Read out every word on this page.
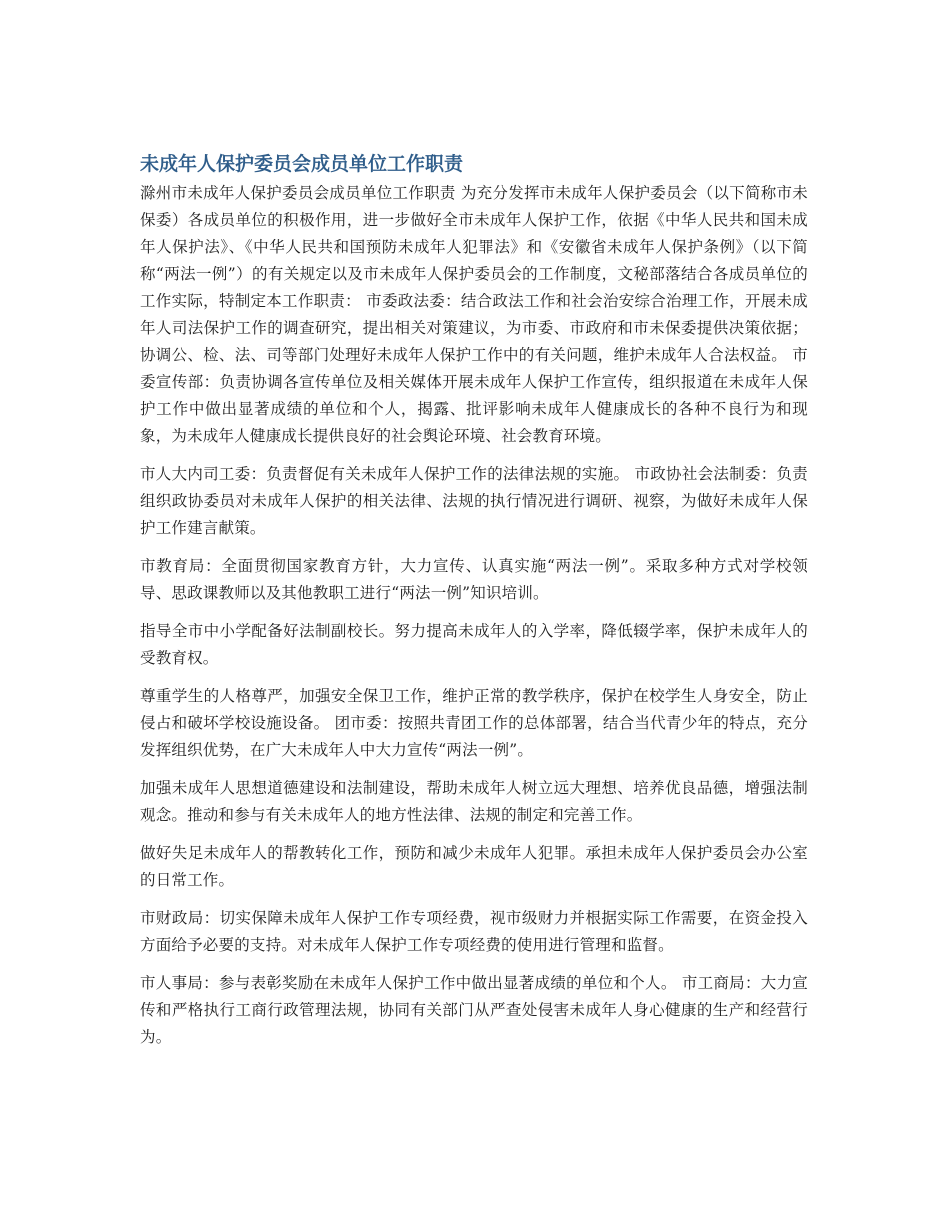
未成年人保护委员会成员单位工作职责

滁州市未成年人保护委员会成员单位工作职责 为充分发挥市未成年人保护委员会（以下简称市未保委）各成员单位的积极作用，进一步做好全市未成年人保护工作，依据《中华人民共和国未成年人保护法》、《中华人民共和国预防未成年人犯罪法》和《安徽省未成年人保护条例》（以下简称“两法一例”）的有关规定以及市未成年人保护委员会的工作制度，文秘部落结合各成员单位的工作实际，特制定本工作职责： 市委政法委：结合政法工作和社会治安综合治理工作，开展未成年人司法保护工作的调查研究，提出相关对策建议，为市委、市政府和市未保委提供决策依据；协调公、检、法、司等部门处理好未成年人保护工作中的有关问题，维护未成年人合法权益。 市委宣传部：负责协调各宣传单位及相关媒体开展未成年人保护工作宣传，组织报道在未成年人保护工作中做出显著成绩的单位和个人，揭露、批评影响未成年人健康成长的各种不良行为和现象，为未成年人健康成长提供良好的社会舆论环境、社会教育环境。

市人大内司工委：负责督促有关未成年人保护工作的法律法规的实施。 市政协社会法制委：负责组织政协委员对未成年人保护的相关法律、法规的执行情况进行调研、视察，为做好未成年人保护工作建言献策。

市教育局：全面贯彻国家教育方针，大力宣传、认真实施“两法一例”。采取多种方式对学校领导、思政课教师以及其他教职工进行“两法一例”知识培训。

指导全市中小学配备好法制副校长。努力提高未成年人的入学率，降低辍学率，保护未成年人的受教育权。

尊重学生的人格尊严，加强安全保卫工作，维护正常的教学秩序，保护在校学生人身安全，防止侵占和破坏学校设施设备。 团市委：按照共青团工作的总体部署，结合当代青少年的特点，充分发挥组织优势，在广大未成年人中大力宣传“两法一例”。

加强未成年人思想道德建设和法制建设，帮助未成年人树立远大理想、培养优良品德，增强法制观念。推动和参与有关未成年人的地方性法律、法规的制定和完善工作。

做好失足未成年人的帮教转化工作，预防和减少未成年人犯罪。承担未成年人保护委员会办公室的日常工作。

市财政局：切实保障未成年人保护工作专项经费，视市级财力并根据实际工作需要，在资金投入方面给予必要的支持。对未成年人保护工作专项经费的使用进行管理和监督。

市人事局：参与表彰奖励在未成年人保护工作中做出显著成绩的单位和个人。 市工商局：大力宣传和严格执行工商行政管理法规，协同有关部门从严查处侵害未成年人身心健康的生产和经营行为。
